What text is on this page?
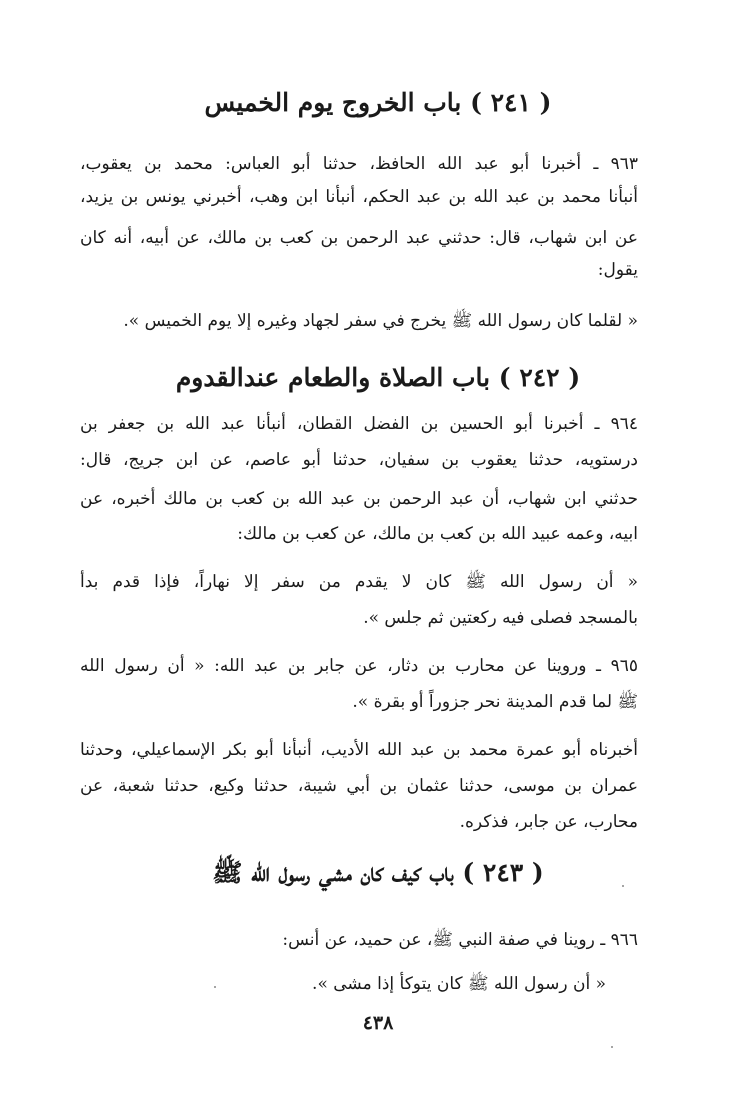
( ٢٤١ ) باب الخروج يوم الخميس
٩٦٣ ـ أخبرنا أبو عبد الله الحافظ، حدثنا أبو العباس: محمد بن يعقوب،
أنبأنا محمد بن عبد الله بن عبد الحكم، أنبأنا ابن وهب، أخبرني يونس بن يزيد،
عن ابن شهاب، قال: حدثني عبد الرحمن بن كعب بن مالك، عن أبيه، أنه كان
يقول:
« لقلما كان رسول الله ﷺ يخرج في سفر لجهاد وغيره إلا يوم الخميس ».
( ٢٤٢ ) باب الصلاة والطعام عندالقدوم
٩٦٤ ـ أخبرنا أبو الحسين بن الفضل القطان، أنبأنا عبد الله بن جعفر بن
درستويه، حدثنا يعقوب بن سفيان، حدثنا أبو عاصم، عن ابن جريج، قال:
حدثني ابن شهاب، أن عبد الرحمن بن عبد الله بن كعب بن مالك أخبره، عن
ابيه، وعمه عبيد الله بن كعب بن مالك، عن كعب بن مالك:
« أن رسول الله ﷺ كان لا يقدم من سفر إلا نهاراً، فإذا قدم بدأ
بالمسجد فصلى فيه ركعتين ثم جلس ».
٩٦٥ ـ وروينا عن محارب بن دثار، عن جابر بن عبد الله: « أن رسول الله
ﷺ لما قدم المدينة نحر جزوراً أو بقرة ».
أخبرناه أبو عمرة محمد بن عبد الله الأديب، أنبأنا أبو بكر الإسماعيلي، وحدثنا
عمران بن موسى، حدثنا عثمان بن أبي شيبة، حدثنا وكيع، حدثنا شعبة، عن
محارب، عن جابر، فذكره.
( ٢٤٣ ) باب كيف كان مشي رسول الله ﷺ
٩٦٦ ـ روينا في صفة النبي ﷺ، عن حميد، عن أنس:
« أن رسول الله ﷺ كان يتوكأ إذا مشى ».
٤٣٨
